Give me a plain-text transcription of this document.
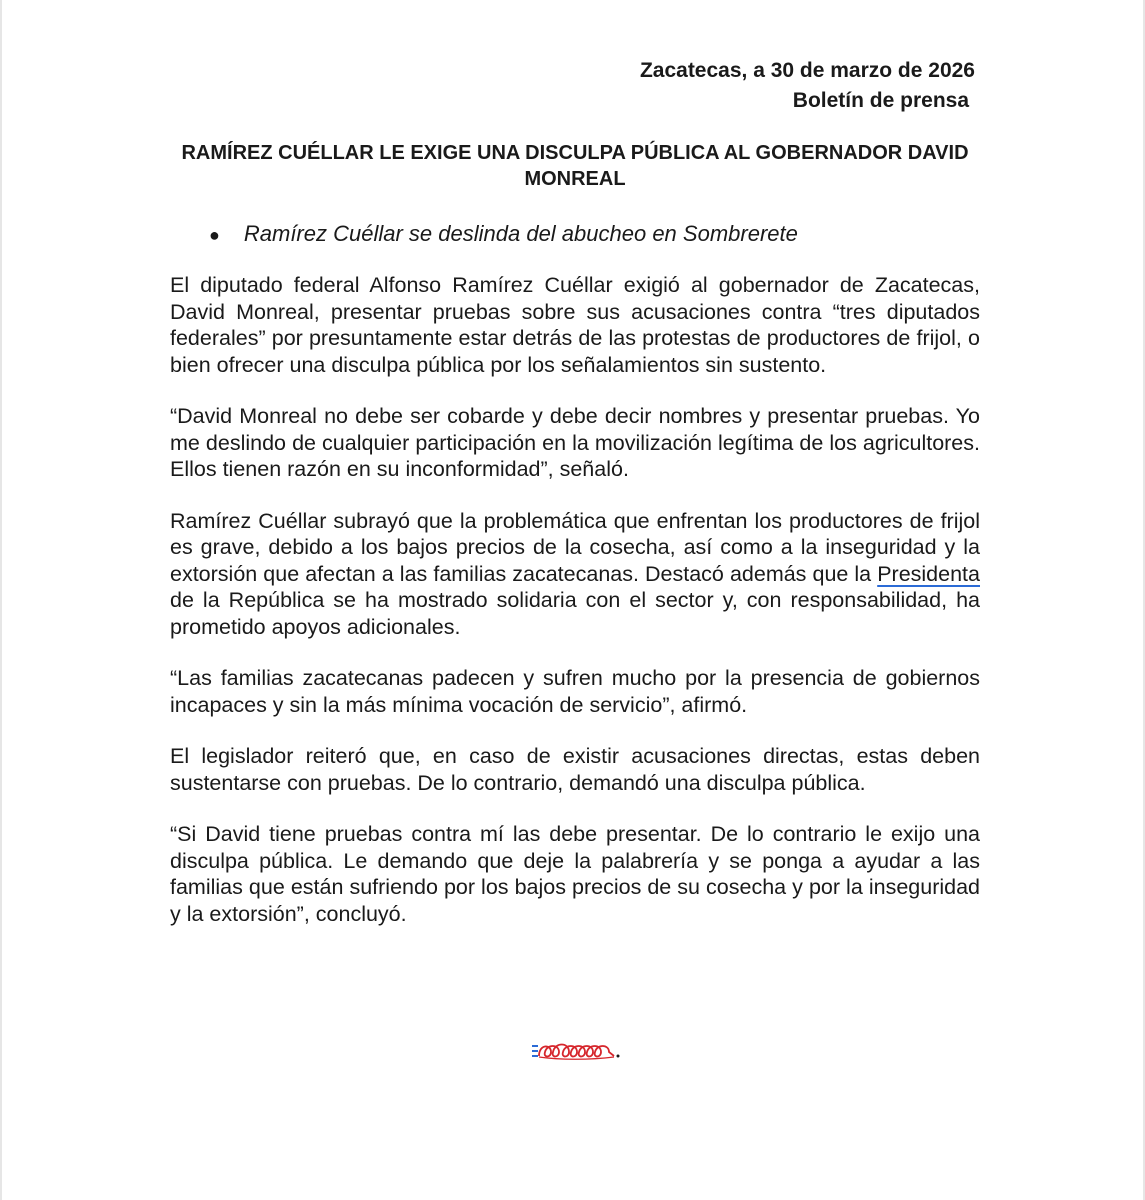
Zacatecas, a 30 de marzo de 2026
Boletín de prensa
RAMÍREZ CUÉLLAR LE EXIGE UNA DISCULPA PÚBLICA AL GOBERNADOR DAVID
MONREAL
● Ramírez Cuéllar se deslinda del abucheo en Sombrerete

El diputado federal Alfonso Ramírez Cuéllar exigió al gobernador de Zacatecas, David Monreal, presentar pruebas sobre sus acusaciones contra “tres diputados federales” por presuntamente estar detrás de las protestas de productores de frijol, o bien ofrecer una disculpa pública por los señalamientos sin sustento.

“David Monreal no debe ser cobarde y debe decir nombres y presentar pruebas. Yo me deslindo de cualquier participación en la movilización legítima de los agricultores. Ellos tienen razón en su inconformidad”, señaló.

Ramírez Cuéllar subrayó que la problemática que enfrentan los productores de frijol es grave, debido a los bajos precios de la cosecha, así como a la inseguridad y la extorsión que afectan a las familias zacatecanas. Destacó además que la Presidenta de la República se ha mostrado solidaria con el sector y, con responsabilidad, ha prometido apoyos adicionales.

“Las familias zacatecanas padecen y sufren mucho por la presencia de gobiernos incapaces y sin la más mínima vocación de servicio”, afirmó.

El legislador reiteró que, en caso de existir acusaciones directas, estas deben sustentarse con pruebas. De lo contrario, demandó una disculpa pública.

“Si David tiene pruebas contra mí las debe presentar. De lo contrario le exijo una disculpa pública. Le demando que deje la palabrería y se ponga a ayudar a las familias que están sufriendo por los bajos precios de su cosecha y por la inseguridad y la extorsión”, concluyó.
